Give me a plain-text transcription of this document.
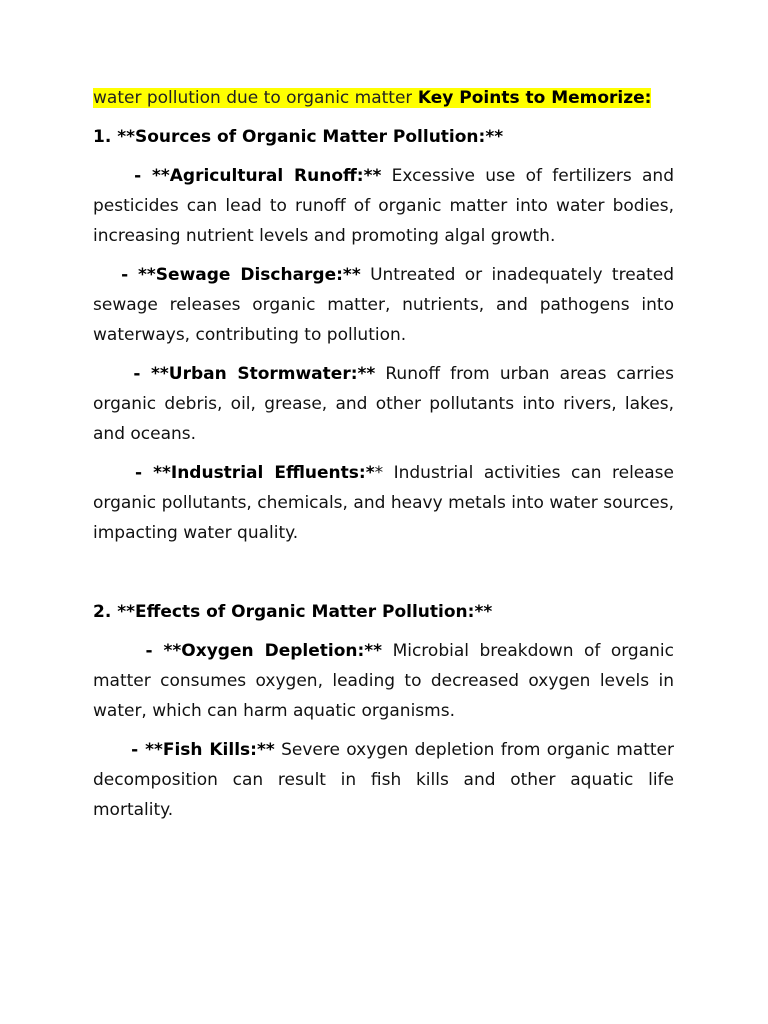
water pollution due to organic matter Key Points to Memorize:

1. **Sources of Organic Matter Pollution:**

- **Agricultural Runoff:** Excessive use of fertilizers and pesticides can lead to runoff of organic matter into water bodies, increasing nutrient levels and promoting algal growth.

- **Sewage Discharge:** Untreated or inadequately treated sewage releases organic matter, nutrients, and pathogens into waterways, contributing to pollution.

- **Urban Stormwater:** Runoff from urban areas carries organic debris, oil, grease, and other pollutants into rivers, lakes, and oceans.

- **Industrial Effluents:** Industrial activities can release organic pollutants, chemicals, and heavy metals into water sources, impacting water quality.

2. **Effects of Organic Matter Pollution:**

- **Oxygen Depletion:** Microbial breakdown of organic matter consumes oxygen, leading to decreased oxygen levels in water, which can harm aquatic organisms.

- **Fish Kills:** Severe oxygen depletion from organic matter decomposition can result in fish kills and other aquatic life mortality.
